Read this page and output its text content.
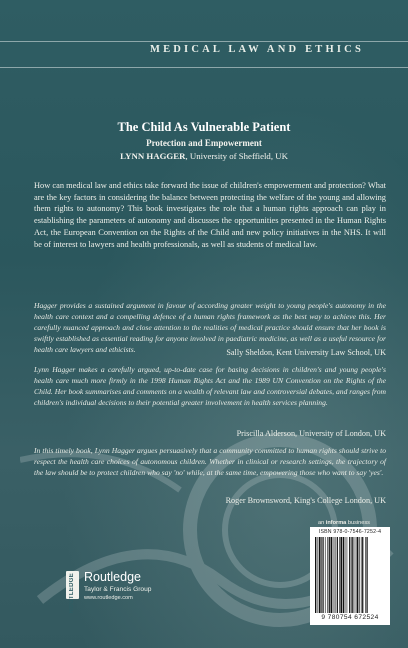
MEDICAL LAW AND ETHICS
The Child As Vulnerable Patient
Protection and Empowerment
LYNN HAGGER, University of Sheffield, UK

How can medical law and ethics take forward the issue of children's empowerment and protection? What are the key factors in considering the balance between protecting the welfare of the young and allowing them rights to autonomy? This book investigates the role that a human rights approach can play in establishing the parameters of autonomy and discusses the opportunities presented in the Human Rights Act, the European Convention on the Rights of the Child and new policy initiatives in the NHS. It will be of interest to lawyers and health professionals, as well as students of medical law.

Hagger provides a sustained argument in favour of according greater weight to young people's autonomy in the health care context and a compelling defence of a human rights framework as the best way to achieve this. Her carefully nuanced approach and close attention to the realities of medical practice should ensure that her book is swiftly established as essential reading for anyone involved in paediatric medicine, as well as a useful resource for health care lawyers and ethicists.	Sally Sheldon, Kent University Law School, UK

Lynn Hagger makes a carefully argued, up-to-date case for basing decisions in children's and young people's health care much more firmly in the 1998 Human Rights Act and the 1989 UN Convention on the Rights of the Child. Her book summarises and comments on a wealth of relevant law and controversial debates, and ranges from children's individual decisions to their potential greater involvement in health services planning.

Priscilla Alderson, University of London, UK

In this timely book, Lynn Hagger argues persuasively that a community committed to human rights should strive to respect the health care choices of autonomous children. Whether in clinical or research settings, the trajectory of the law should be to protect children who say 'no' while, at the same time, empowering those who want to say 'yes'.

Roger Brownsword, King's College London, UK
ROUTLEDGE Routledge
Taylor & Francis Group
www.routledge.com
an informa business
ISBN 978-0-7546-7252-4
9 780754 672524
